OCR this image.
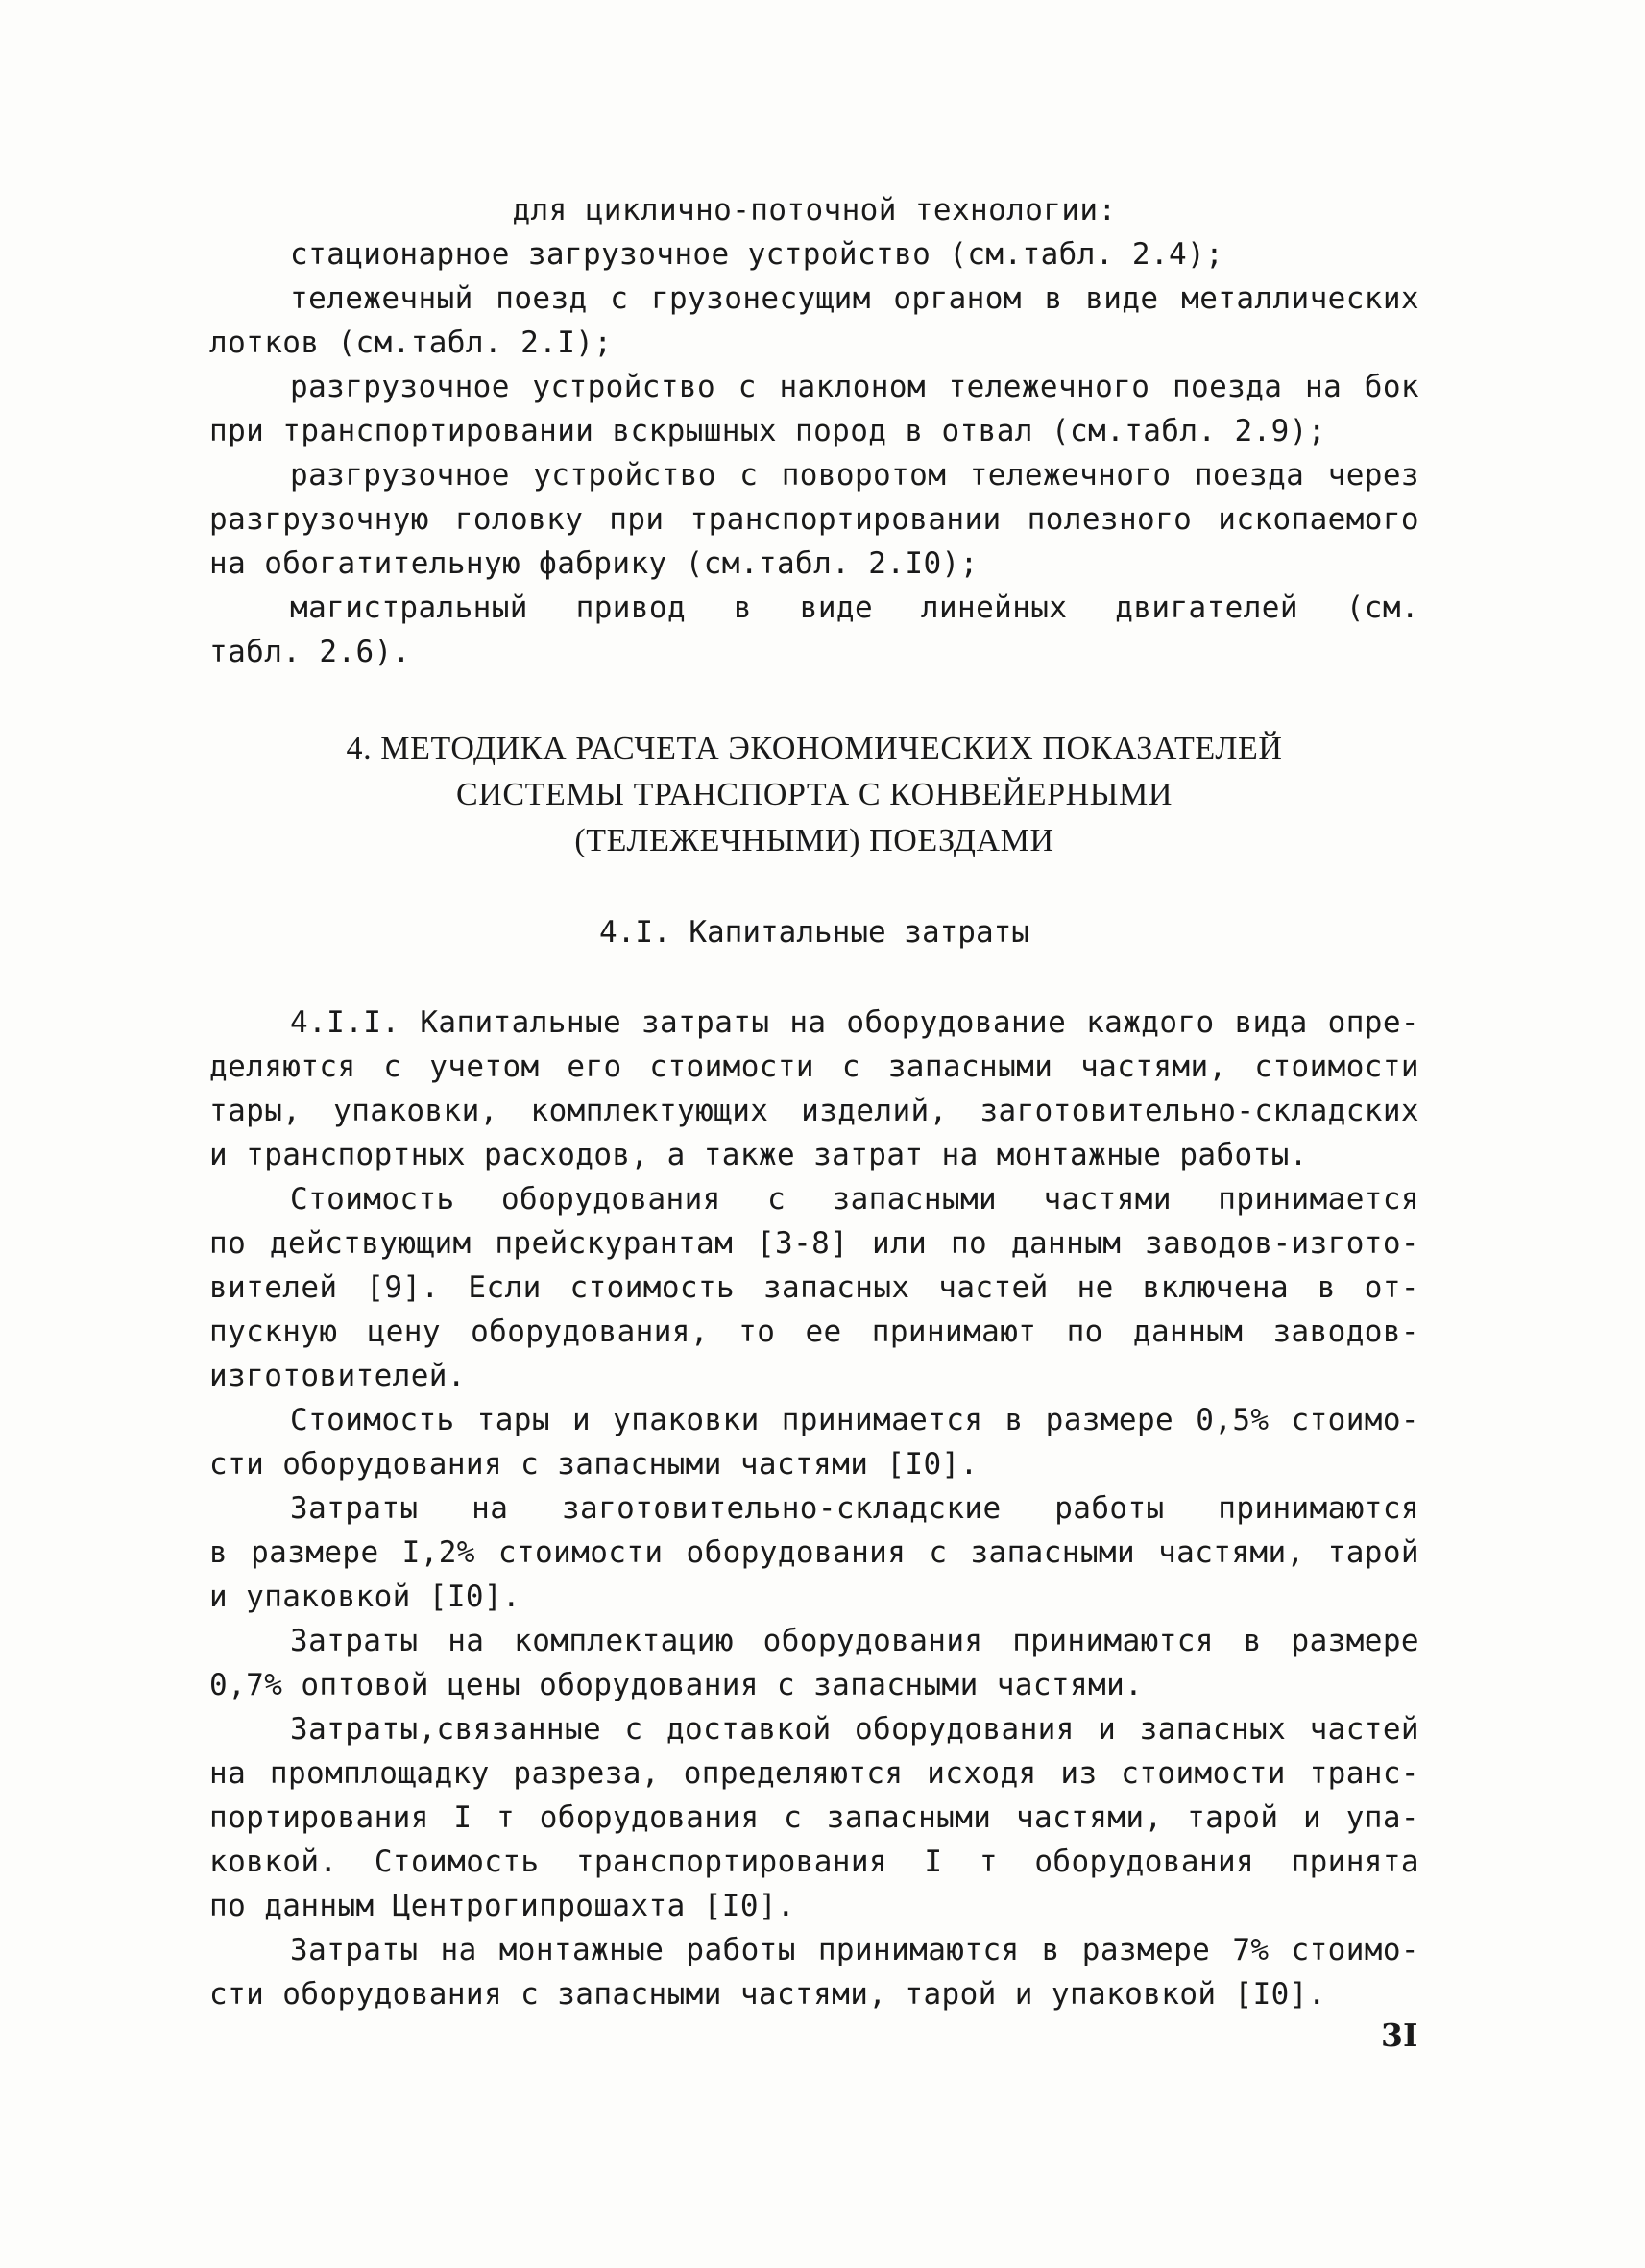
для циклично-поточной технологии:
стационарное загрузочное устройство (см.табл. 2.4);
тележечный поезд с грузонесущим органом в виде металлических
лотков (см.табл. 2.I);
разгрузочное устройство с наклоном тележечного поезда на бок
при транспортировании вскрышных пород в отвал (см.табл. 2.9);
разгрузочное устройство с поворотом тележечного поезда через
разгрузочную головку при транспортировании полезного ископаемого
на обогатительную фабрику (см.табл. 2.I0);
магистральный привод в виде линейных двигателей (см.
табл. 2.6).
4. МЕТОДИКА РАСЧЕТА ЭКОНОМИЧЕСКИХ ПОКАЗАТЕЛЕЙ
СИСТЕМЫ ТРАНСПОРТА С КОНВЕЙЕРНЫМИ
(ТЕЛЕЖЕЧНЫМИ) ПОЕЗДАМИ
4.I. Капитальные затраты
4.I.I. Капитальные затраты на оборудование каждого вида опре-
деляются с учетом его стоимости с запасными частями, стоимости
тары, упаковки, комплектующих изделий, заготовительно-складских
и транспортных расходов, а также затрат на монтажные работы.
Стоимость оборудования с запасными частями принимается
по действующим прейскурантам [3-8] или по данным заводов-изгото-
вителей [9]. Если стоимость запасных частей не включена в от-
пускную цену оборудования, то ее принимают по данным заводов-
изготовителей.
Стоимость тары и упаковки принимается в размере 0,5% стоимо-
сти оборудования с запасными частями [I0].
Затраты на заготовительно-складские работы принимаются
в размере I,2% стоимости оборудования с запасными частями, тарой
и упаковкой [I0].
Затраты на комплектацию оборудования принимаются в размере
0,7% оптовой цены оборудования с запасными частями.
Затраты,связанные с доставкой оборудования и запасных частей
на промплощадку разреза, определяются исходя из стоимости транс-
портирования I т оборудования с запасными частями, тарой и упа-
ковкой. Стоимость транспортирования I т оборудования принята
по данным Центрогипрошахта [I0].
Затраты на монтажные работы принимаются в размере 7% стоимо-
сти оборудования с запасными частями, тарой и упаковкой [I0].
3I
